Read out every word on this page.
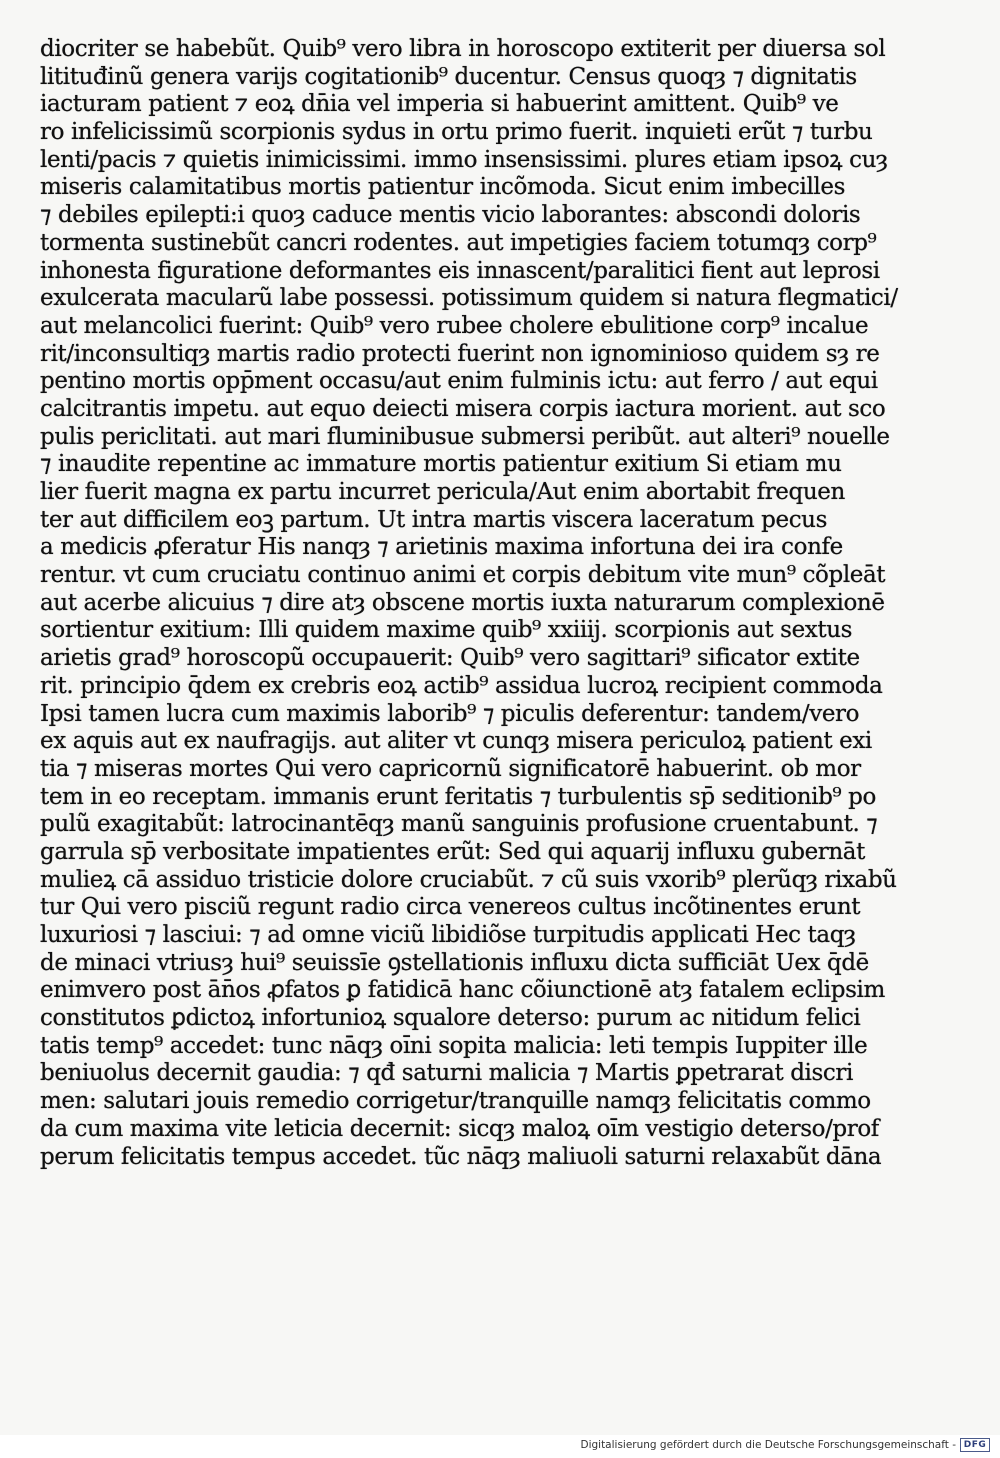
diocriter se habebũt. Quib⁹ vero libra in horoscopo extiterit per diuersa sol
litituđinũ genera varijs cogitationib⁹ ducentur. Census quoqȝ ⁊ dignitatis
iacturam patient̄ ⁊ eoꝝ dn̄ia vel imperia si habuerint amittent. Quib⁹ ve
ro infelicissimũ scorpionis sydus in ortu primo fuerit. inquieti erũt ⁊ turbu
lenti/pacis ⁊ quietis inimicissimi. immo insensissimi. plures etiam ipsoꝝ cuȝ
miseris calamitatibus mortis patientur incõmoda. Sicut enim imbecilles
⁊ debiles epilepti:i quoȝ caduce mentis vicio laborantes: abscondi doloris
tormenta sustinebũt cancri rodentes. aut impetigies faciem totumqȝ corp⁹
inhonesta figuratione deformantes eis innascent̄/paralitici fient aut leprosi
exulcerata macularũ labe possessi. potissimum quidem si natura flegmatici/
aut melancolici fuerint: Quib⁹ vero rubee cholere ebulitione corp⁹ incalue
rit/inconsultiqȝ martis radio protecti fuerint non ignominioso quidem sȝ re
pentino mortis opp̄ment̄ occasu/aut enim fulminis ictu: aut ferro / aut equi
calcitrantis impetu. aut equo deiecti misera corpis iactura morient̄. aut sco
pulis periclitati. aut mari fluminibusue submersi peribũt. aut alteri⁹ nouelle
⁊ inaudite repentine ac immature mortis patientur exitium Si etiam mu
lier fuerit magna ex partu incurret pericula/Aut enim abortabit frequen
ter aut difficilem eoꝫ partum. Ut intra martis viscera laceratum pecus
a medicis ꝓferatur His nanqȝ ⁊ arietinis maxima infortuna dei ira confe
rentur. vt cum cruciatu continuo animi et corpis debitum vite mun⁹ cõpleāt
aut acerbe alicuius ⁊ dire atȝ obscene mortis iuxta naturarum complexionē
sortientur exitium: Illi quidem maxime quib⁹ xxiiij. scorpionis aut sextus
arietis grad⁹ horoscopũ occupauerit: Quib⁹ vero sagittari⁹ sificator extite
rit. principio q̄dem ex crebris eoꝝ actib⁹ assidua lucroꝝ recipient commoda
Ipsi tamen lucra cum maximis laborib⁹ ⁊ piculis deferentur: tandem/vero
ex aquis aut ex naufragijs. aut aliter vt cunqȝ misera periculoꝝ patient̄ exi
tia ⁊ miseras mortes Qui vero capricornũ significatorē habuerint. ob mor
tem in eo receptam. immanis erunt feritatis ⁊ turbulentis sp̄ seditionib⁹ po
pulũ exagitabũt: latrocinantēqȝ manũ sanguinis profusione cruentabunt. ⁊
garrula sp̄ verbositate impatientes erũt: Sed qui aquarij influxu gubernāt̄
mulieꝝ cā assiduo tristicie dolore cruciabũt. ⁊ cũ suis vxorib⁹ plerũqȝ rixabũ
tur Qui vero pisciũ regunt̄ radio circa venereos cultus incõtinentes erunt
luxuriosi ⁊ lasciui: ⁊ ad omne viciũ libidiõse turpitudis applicati Hec taqȝ
de minaci vtriusȝ hui⁹ seuissīe ꝯstellationis influxu dicta sufficiāt Uex q̄dē
enimvero post ān̄os ꝓfatos ꝑ fatidicā hanc cõiunctionē atȝ fatalem eclipsim
constitutos ꝑdictoꝝ infortunioꝝ squalore deterso: purum ac nitidum felici
tatis temp⁹ accedet: tunc nāqȝ oı̄ni sopita malicia: leti tempis Iuppiter ille
beniuolus decernit gaudia: ⁊ qđ saturni malicia ⁊ Martis ꝑpetrarat discri
men: salutari jouis remedio corrigetur/tranquille namqȝ felicitatis commo
da cum maxima vite leticia decernit: sicqȝ maloꝝ oı̄m vestigio deterso/prof
perum felicitatis tempus accedet. tũc nāqȝ maliuoli saturni relaxabũt̄ dāna
Digitalisierung gefördert durch die Deutsche Forschungsgemeinschaft - DFG
